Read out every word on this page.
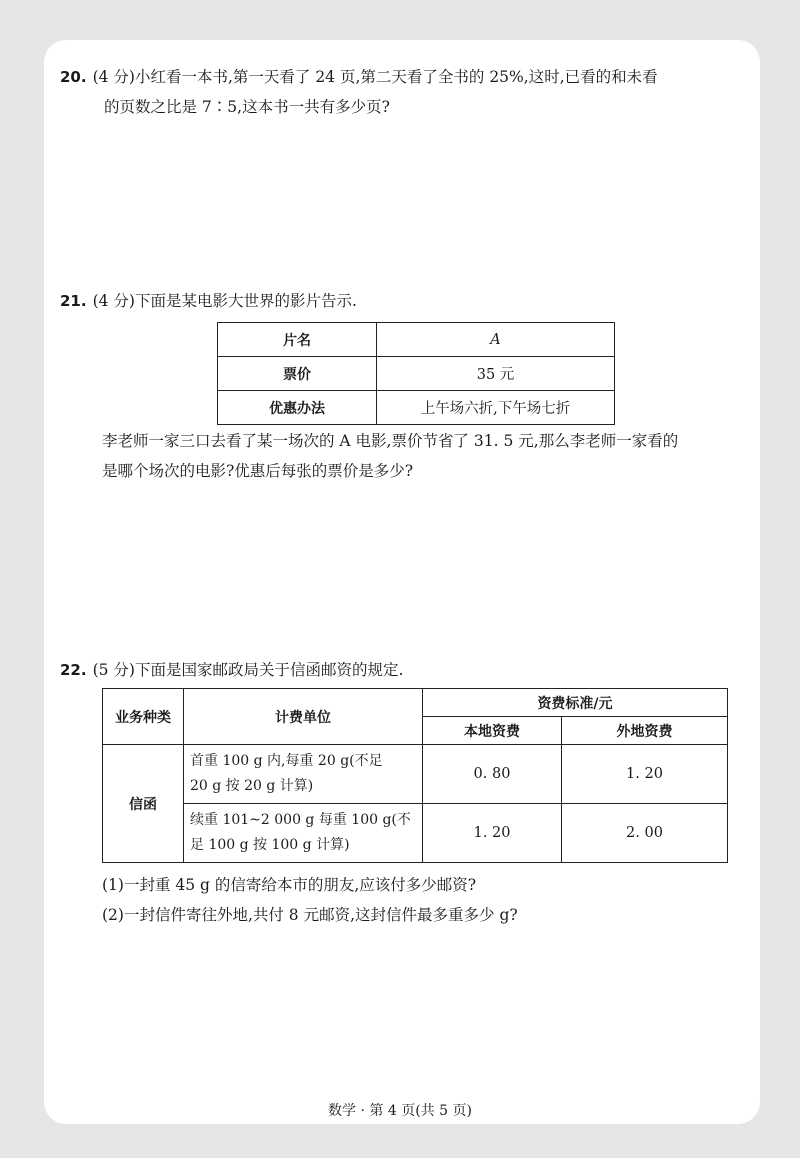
20. (4 分)小红看一本书,第一天看了 24 页,第二天看了全书的 25%,这时,已看的和未看
的页数之比是 7∶5,这本书一共有多少页?
21. (4 分)下面是某电影大世界的影片告示.
片名	A
票价	35 元
优惠办法	上午场六折,下午场七折
李老师一家三口去看了某一场次的 A 电影,票价节省了 31. 5 元,那么李老师一家看的
是哪个场次的电影?优惠后每张的票价是多少?
22. (5 分)下面是国家邮政局关于信函邮资的规定.
业务种类	计费单位	资费标准/元	
		本地资费	外地资费
信函	首重 100 g 内,每重 20 g(不足
20 g 按 20 g 计算)	0. 80	1. 20

	续重 101~2 000 g 每重 100 g(不
足 100 g 按 100 g 计算)	1. 20	2. 00
(1)一封重 45 g 的信寄给本市的朋友,应该付多少邮资?
(2)一封信件寄往外地,共付 8 元邮资,这封信件最多重多少 g?
数学 · 第 4 页(共 5 页)
